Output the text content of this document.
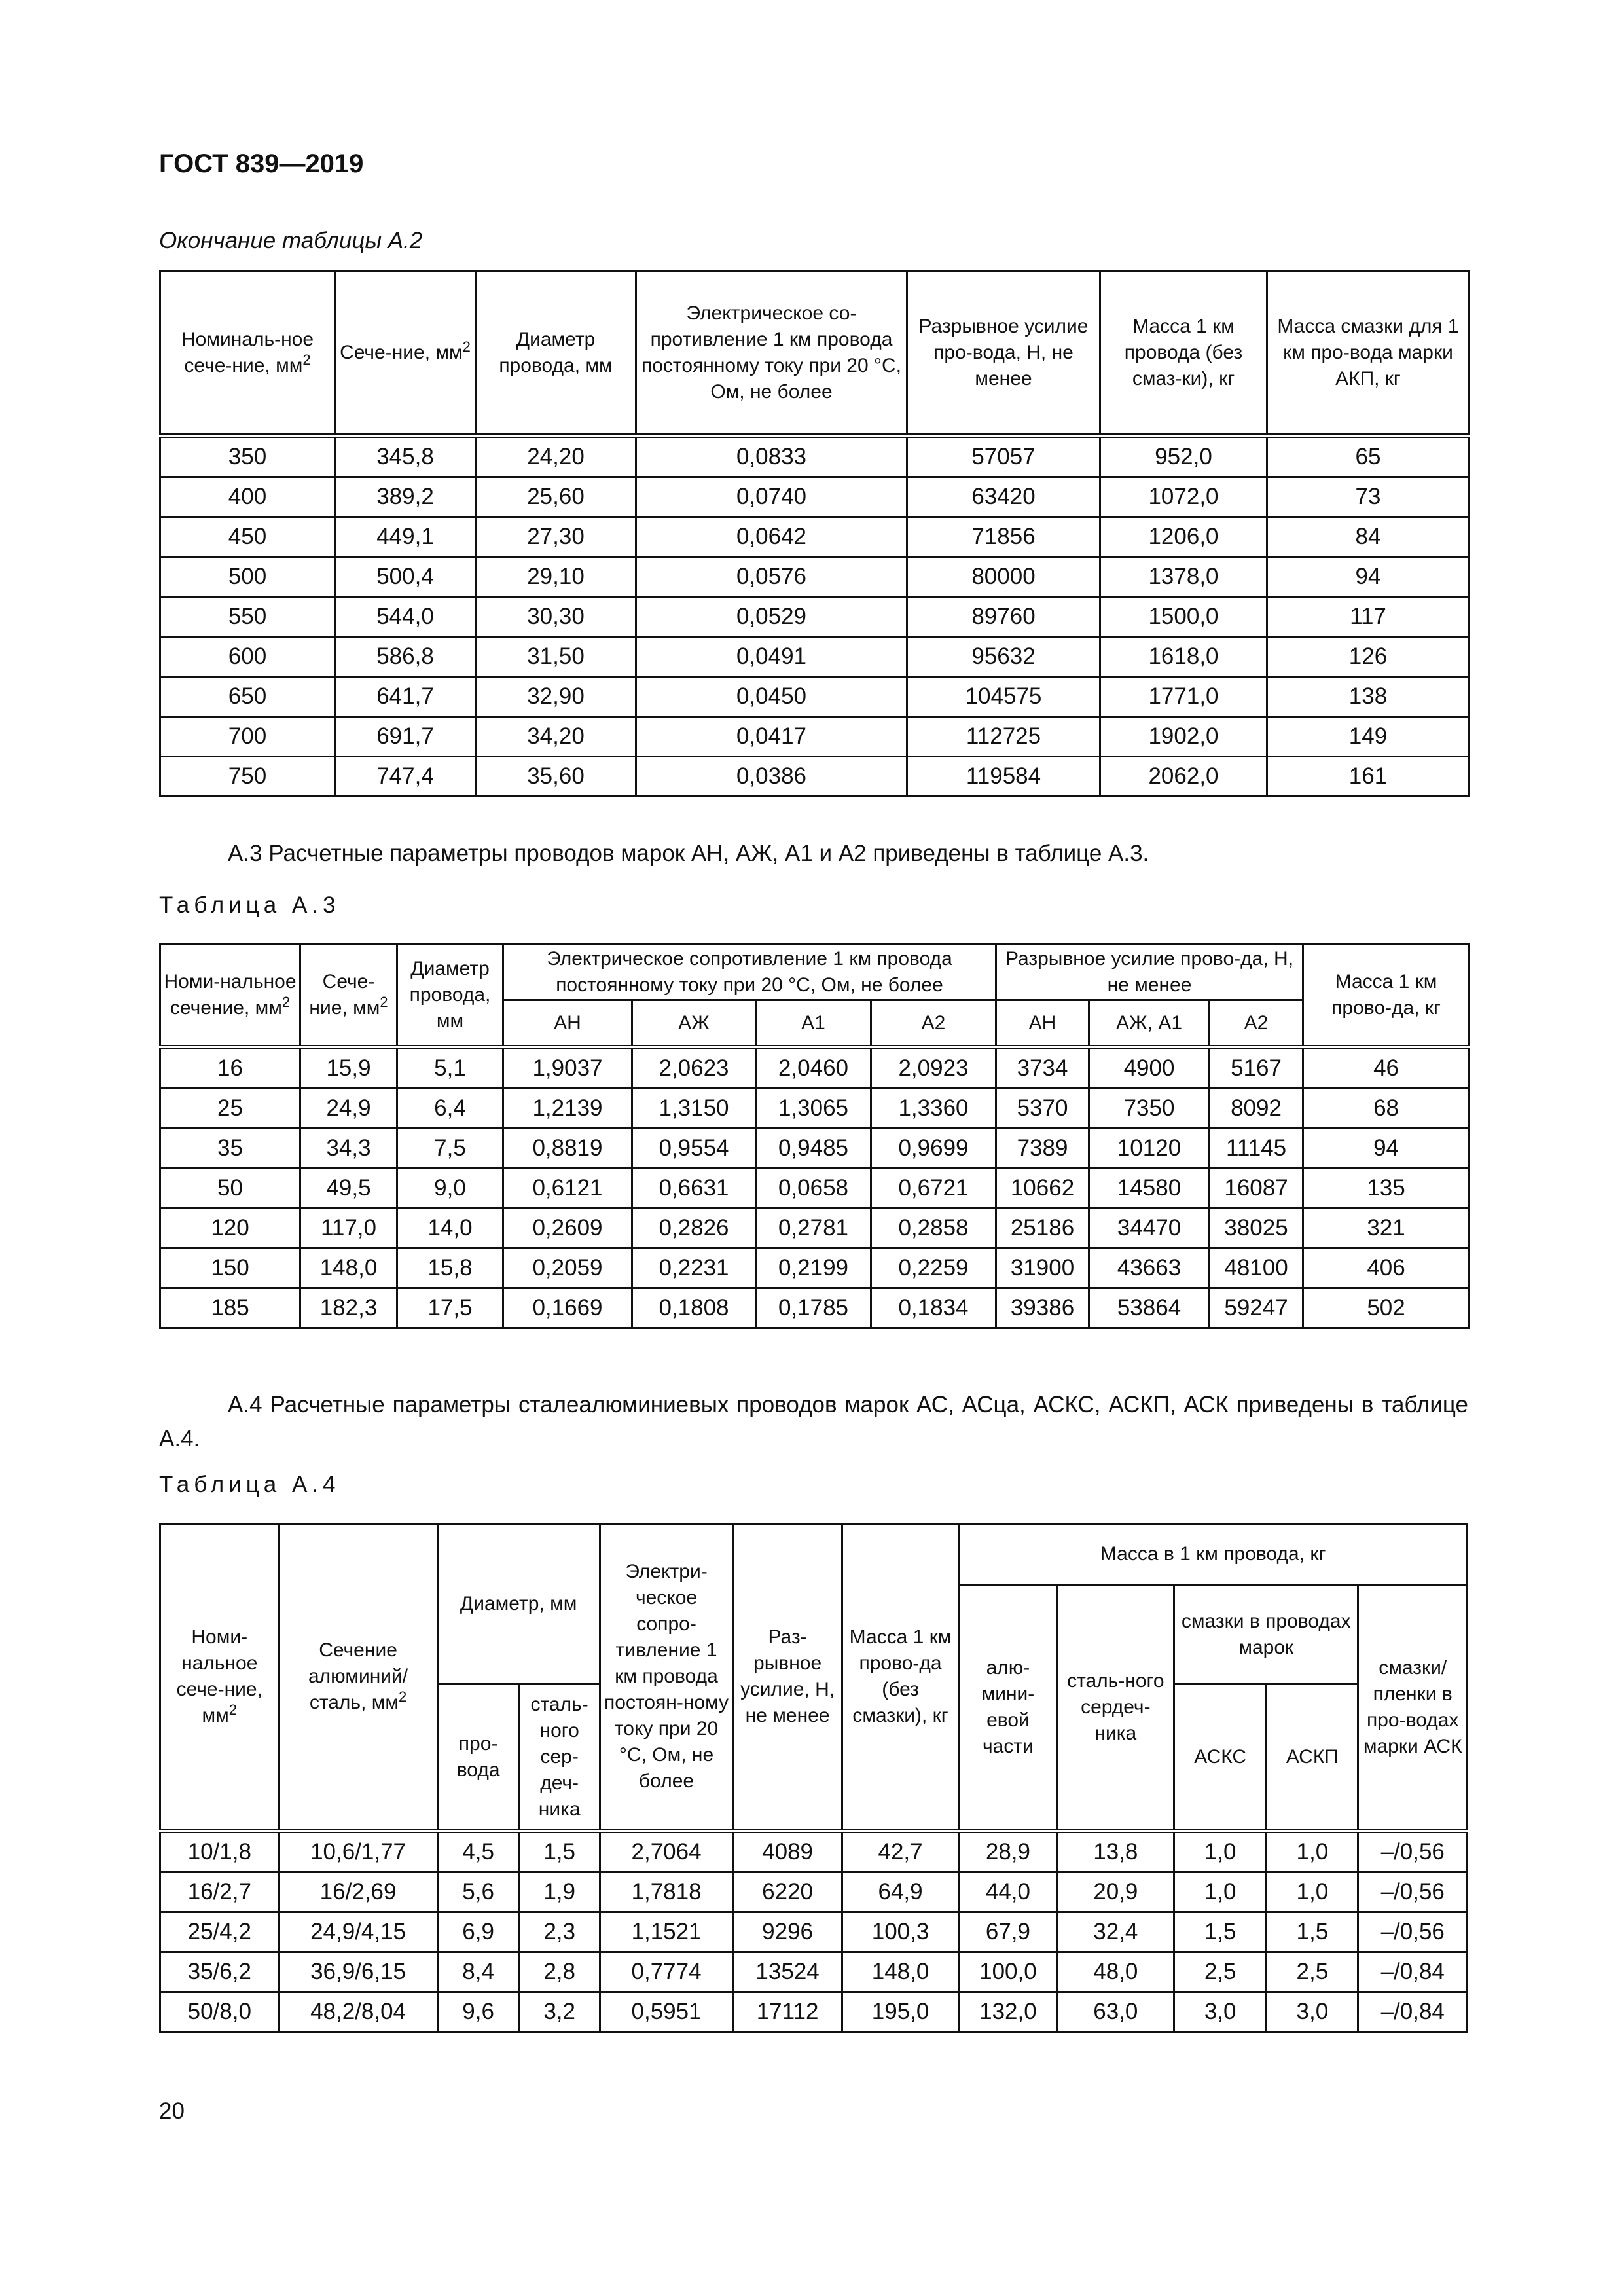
ГОСТ 839—2019
Окончание таблицы А.2
Номиналь-ное сече-ние, $мм^2$	Сече-ние, $мм^2$	Диаметр провода, мм	Электрическое со-противление 1 км провода постоянному току при 20 °С, Ом, не более	Разрывное усилие про-вода, Н, не менее	Масса 1 км провода (без смаз-ки), кг	Масса смазки для 1 км про-вода марки АКП, кг
350	345,8	24,20	0,0833	57057	952,0	65
400	389,2	25,60	0,0740	63420	1072,0	73
450	449,1	27,30	0,0642	71856	1206,0	84
500	500,4	29,10	0,0576	80000	1378,0	94
550	544,0	30,30	0,0529	89760	1500,0	117
600	586,8	31,50	0,0491	95632	1618,0	126
650	641,7	32,90	0,0450	104575	1771,0	138
700	691,7	34,20	0,0417	112725	1902,0	149
750	747,4	35,60	0,0386	119584	2062,0	161
А.3 Расчетные параметры проводов марок АН, АЖ, А1 и А2 приведены в таблице А.3.
Таблица А.3
Номи-нальное сечение, $мм^2$	Сече-ние, $мм^2$	Диаметр провода, мм	Электрическое сопротивление 1 км провода постоянному току при 20 °С, Ом, не более				Разрывное усилие прово-да, Н, не менее			Масса 1 км прово-да, кг
			АН	АЖ	А1	А2	АН	АЖ, А1	А2	
16	15,9	5,1	1,9037	2,0623	2,0460	2,0923	3734	4900	5167	46
25	24,9	6,4	1,2139	1,3150	1,3065	1,3360	5370	7350	8092	68
35	34,3	7,5	0,8819	0,9554	0,9485	0,9699	7389	10120	11145	94
50	49,5	9,0	0,6121	0,6631	0,0658	0,6721	10662	14580	16087	135
120	117,0	14,0	0,2609	0,2826	0,2781	0,2858	25186	34470	38025	321
150	148,0	15,8	0,2059	0,2231	0,2199	0,2259	31900	43663	48100	406
185	182,3	17,5	0,1669	0,1808	0,1785	0,1834	39386	53864	59247	502
А.4 Расчетные параметры сталеалюминиевых проводов марок АС, АСца, АСКС, АСКП, АСК приведены в таблице А.4.
Таблица А.4
Номи-нальное сече-ние, $мм^2$	Сечение алюминий/сталь, $мм^2$	Диаметр, мм		Электри-ческое сопро-тивление 1 км провода постоян-ному току при 20 °С, Ом, не более	Раз-рывное усилие, Н, не менее	Масса 1 км прово-да (без смазки), кг	Масса в 1 км провода, кг				
							алю-мини-евой части	сталь-ного сердеч-ника	смазки в проводах марок		смазки/пленки в про-водах марки АСК
		про-вода	сталь-ного сер-деч-ника						АСКС	АСКП	
10/1,8	10,6/1,77	4,5	1,5	2,7064	4089	42,7	28,9	13,8	1,0	1,0	–/0,56
16/2,7	16/2,69	5,6	1,9	1,7818	6220	64,9	44,0	20,9	1,0	1,0	–/0,56
25/4,2	24,9/4,15	6,9	2,3	1,1521	9296	100,3	67,9	32,4	1,5	1,5	–/0,56
35/6,2	36,9/6,15	8,4	2,8	0,7774	13524	148,0	100,0	48,0	2,5	2,5	–/0,84
50/8,0	48,2/8,04	9,6	3,2	0,5951	17112	195,0	132,0	63,0	3,0	3,0	–/0,84
20
